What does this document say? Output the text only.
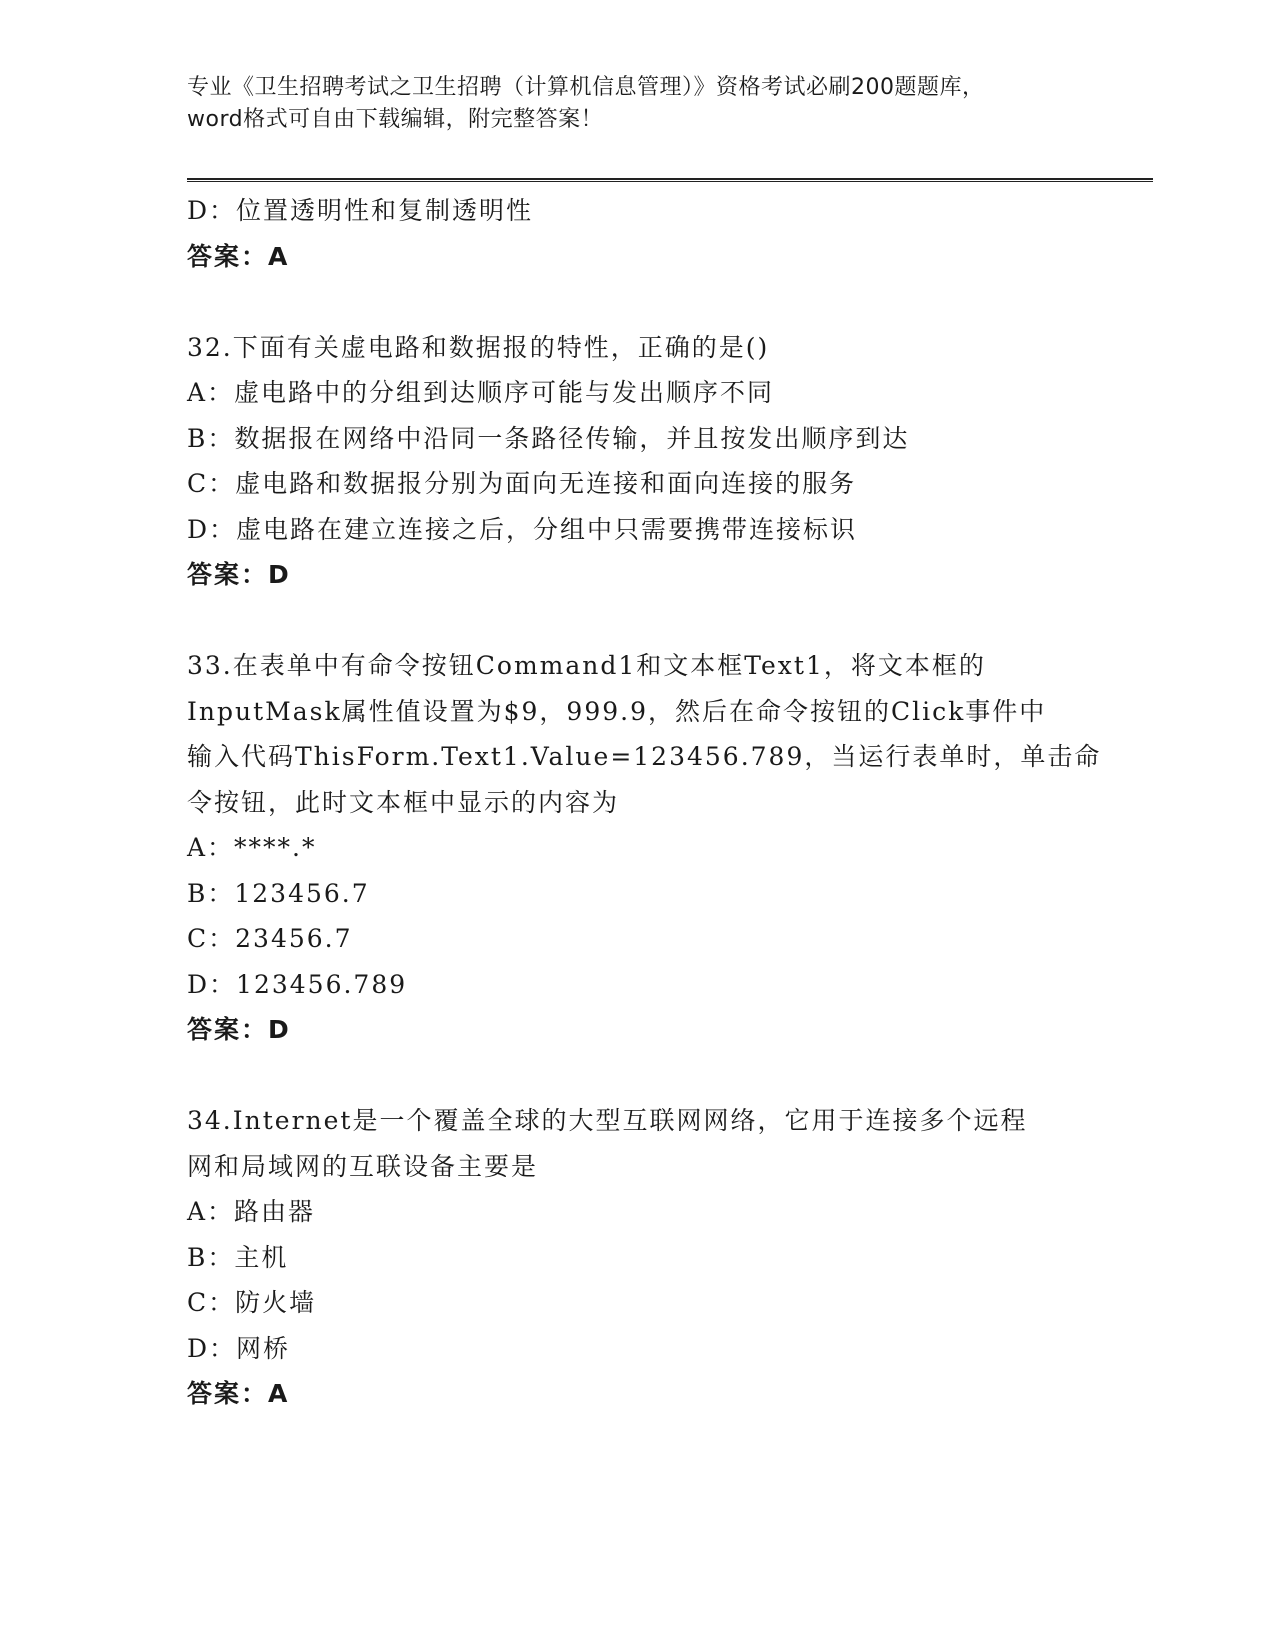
专业《卫生招聘考试之卫生招聘（计算机信息管理）》资格考试必刷200题题库，
word格式可自由下载编辑，附完整答案！
D：位置透明性和复制透明性
答案：A
32.下面有关虚电路和数据报的特性，正确的是()
A：虚电路中的分组到达顺序可能与发出顺序不同
B：数据报在网络中沿同一条路径传输，并且按发出顺序到达
C：虚电路和数据报分别为面向无连接和面向连接的服务
D：虚电路在建立连接之后，分组中只需要携带连接标识
答案：D
33.在表单中有命令按钮Command1和文本框Text1，将文本框的
InputMask属性值设置为$9，999.9，然后在命令按钮的Click事件中
输入代码ThisForm.Text1.Value=123456.789，当运行表单时，单击命
令按钮，此时文本框中显示的内容为
A：****.*
B：123456.7
C：23456.7
D：123456.789
答案：D
34.Internet是一个覆盖全球的大型互联网网络，它用于连接多个远程
网和局域网的互联设备主要是
A：路由器
B：主机
C：防火墙
D：网桥
答案：A
